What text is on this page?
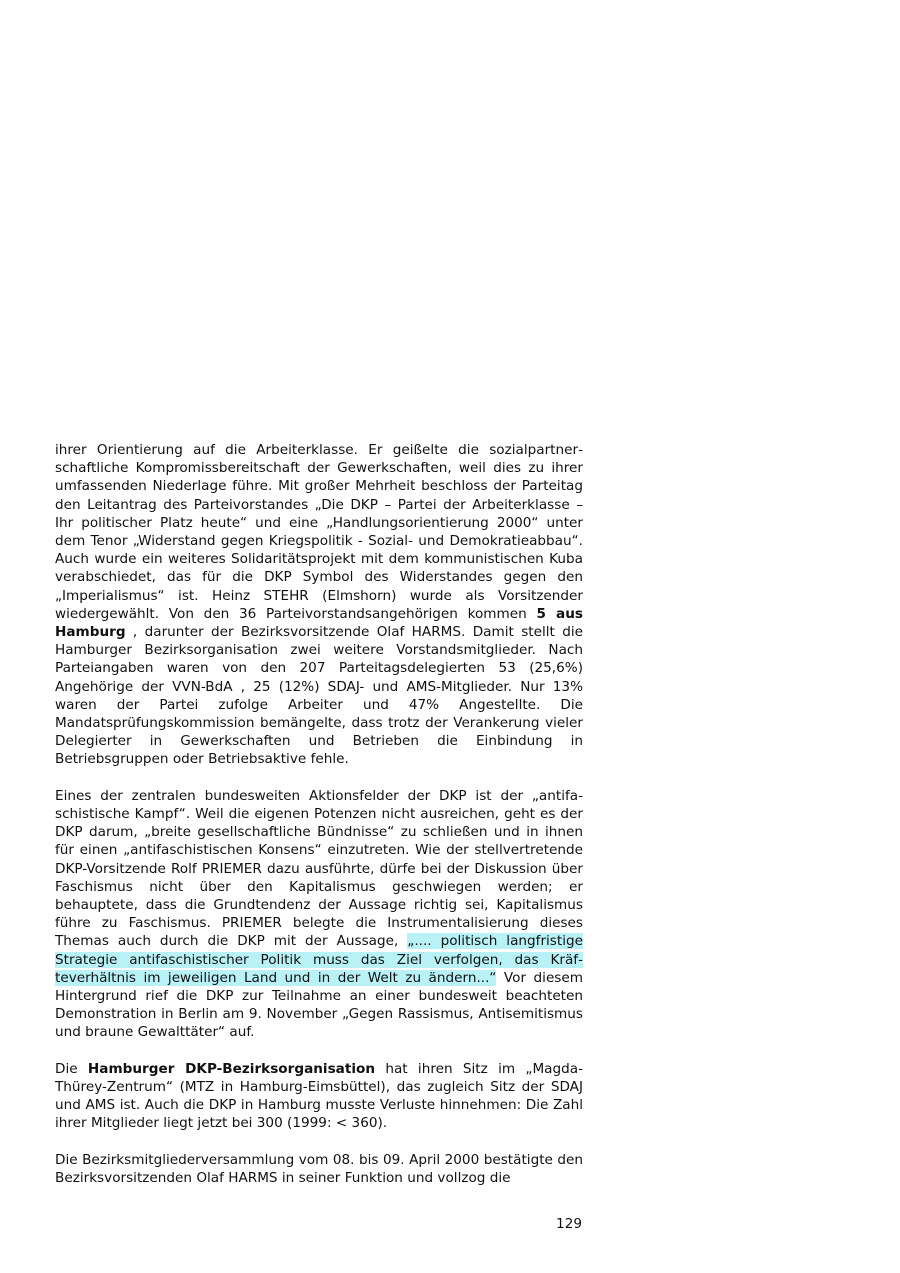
ihrer Orientierung auf die Arbeiterklasse. Er geißelte die sozialpartnerschaftliche Kompromissbereitschaft der Gewerkschaften, weil dies zu ihrer umfassenden Niederlage führe. Mit großer Mehrheit beschloss der Parteitag den Leitantrag des Parteivorstandes „Die DKP – Partei der Arbeiterklasse – Ihr politischer Platz heute“ und eine „Handlungsorientierung 2000“ unter dem Tenor „Widerstand gegen Kriegspolitik - Sozial- und Demokratieabbau“. Auch wurde ein weiteres Solidaritätsprojekt mit dem kommunistischen Kuba verabschiedet, das für die DKP Symbol des Widerstandes gegen den „Imperialismus“ ist. Heinz STEHR (Elmshorn) wurde als Vorsitzender wiedergewählt. Von den 36 Parteivorstandsangehörigen kommen 5 aus Hamburg , darunter der Bezirksvorsitzende Olaf HARMS. Damit stellt die Hamburger Bezirksorganisation zwei weitere Vorstandsmitglieder. Nach Parteiangaben waren von den 207 Parteitagsdelegierten 53 (25,6%) Angehörige der VVN-BdA , 25 (12%) SDAJ- und AMS-Mitglieder. Nur 13% waren der Partei zufolge Arbeiter und 47% Angestellte. Die Mandatsprüfungskommission bemängelte, dass trotz der Verankerung vieler Delegierter in Gewerkschaften und Betrieben die Einbindung in Betriebsgruppen oder Betriebsaktive fehle.

Eines der zentralen bundesweiten Aktionsfelder der DKP ist der „antifaschistische Kampf“. Weil die eigenen Potenzen nicht ausreichen, geht es der DKP darum, „breite gesellschaftliche Bündnisse“ zu schließen und in ihnen für einen „antifaschistischen Konsens“ einzutreten. Wie der stellvertretende DKP-Vorsitzende Rolf PRIEMER dazu ausführte, dürfe bei der Diskussion über Faschismus nicht über den Kapitalismus geschwiegen werden; er behauptete, dass die Grundtendenz der Aussage richtig sei, Kapitalismus führe zu Faschismus. PRIEMER belegte die Instrumentalisierung dieses Themas auch durch die DKP mit der Aussage, „.... politisch langfristige Strategie antifaschistischer Politik muss das Ziel verfolgen, das Kräfteverhältnis im jeweiligen Land und in der Welt zu ändern...“ Vor diesem Hintergrund rief die DKP zur Teilnahme an einer bundesweit beachteten Demonstration in Berlin am 9. November „Gegen Rassismus, Antisemitismus und braune Gewalttäter“ auf.

Die Hamburger DKP-Bezirksorganisation hat ihren Sitz im „Magda-Thürey-Zentrum“ (MTZ in Hamburg-Eimsbüttel), das zugleich Sitz der SDAJ und AMS ist. Auch die DKP in Hamburg musste Verluste hinnehmen: Die Zahl ihrer Mitglieder liegt jetzt bei 300 (1999: < 360).

Die Bezirksmitgliederversammlung vom 08. bis 09. April 2000 bestätigte den Bezirksvorsitzenden Olaf HARMS in seiner Funktion und vollzog die

129
